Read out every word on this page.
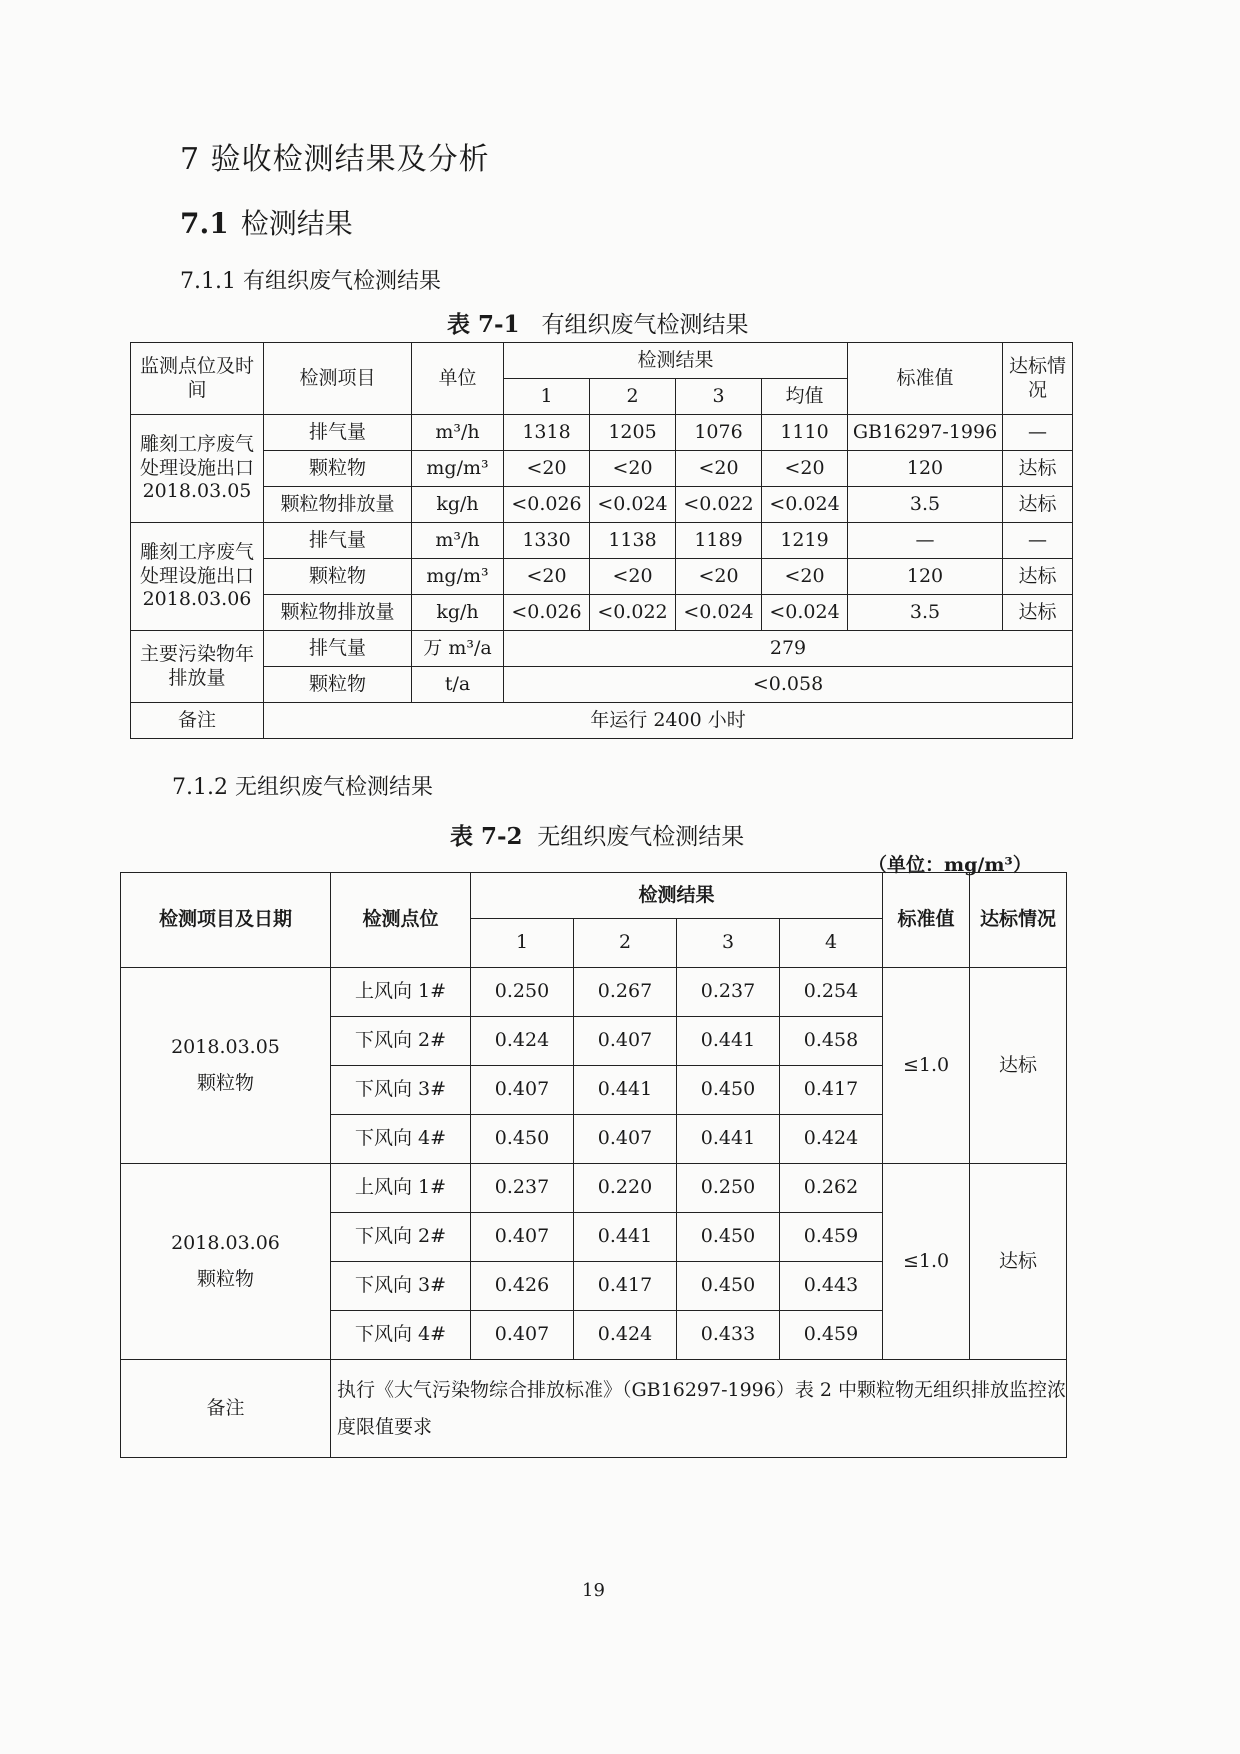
7 验收检测结果及分析
7.1 检测结果
7.1.1 有组织废气检测结果
表 7-1 有组织废气检测结果
监测点位及时间	检测项目	单位	检测结果				标准值	达标情况
			1	2	3	均值		
雕刻工序废气处理设施出口2018.03.05	排气量	m³/h	1318	1205	1076	1110	GB16297-1996	—
	颗粒物	mg/m³	<20	<20	<20	<20	120	达标
	颗粒物排放量	kg/h	<0.026	<0.024	<0.022	<0.024	3.5	达标
雕刻工序废气处理设施出口2018.03.06	排气量	m³/h	1330	1138	1189	1219	—	—
	颗粒物	mg/m³	<20	<20	<20	<20	120	达标
	颗粒物排放量	kg/h	<0.026	<0.022	<0.024	<0.024	3.5	达标
主要污染物年排放量	排气量	万 m³/a	279					
	颗粒物	t/a	<0.058					
备注	年运行 2400 小时							
7.1.2 无组织废气检测结果
表 7-2 无组织废气检测结果
（单位：mg/m³）
检测项目及日期	检测点位	检测结果				标准值	达标情况
		1	2	3	4		

2018.03.05
颗粒物	上风向 1#	0.250	0.267	0.237	0.254	≤1.0	达标
	下风向 2#	0.424	0.407	0.441	0.458		
	下风向 3#	0.407	0.441	0.450	0.417		
	下风向 4#	0.450	0.407	0.441	0.424		

2018.03.06
颗粒物	上风向 1#	0.237	0.220	0.250	0.262	≤1.0	达标
	下风向 2#	0.407	0.441	0.450	0.459		
	下风向 3#	0.426	0.417	0.450	0.443		
	下风向 4#	0.407	0.424	0.433	0.459		
备注	执行《大气污染物综合排放标准》（GB16297-1996）表 2 中颗粒物无组织排放监控浓度限值要求						
19
